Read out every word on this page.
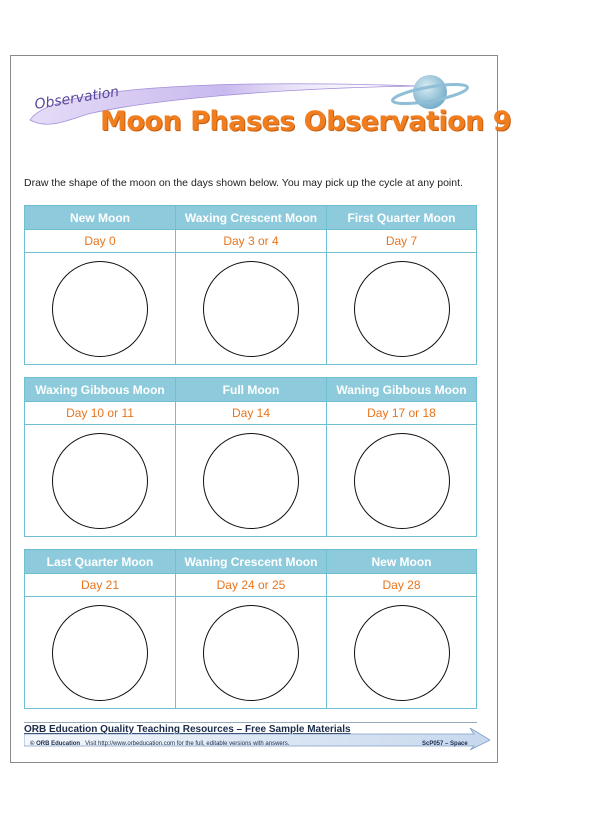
Observation
Moon Phases Observation 9
Draw the shape of the moon on the days shown below. You may pick up the cycle at any point.
New Moon
Day 0
Waxing Crescent Moon
Day 3 or 4
First Quarter Moon
Day 7
Waxing Gibbous Moon
Day 10 or 11
Full Moon
Day 14
Waning Gibbous Moon
Day 17 or 18
Last Quarter Moon
Day 21
Waning Crescent Moon
Day 24 or 25
New Moon
Day 28
ORB Education Quality Teaching Resources – Free Sample Materials
© ORB Education Visit http://www.orbeducation.com for the full, editable versions with answers.	ScP057 – Space
